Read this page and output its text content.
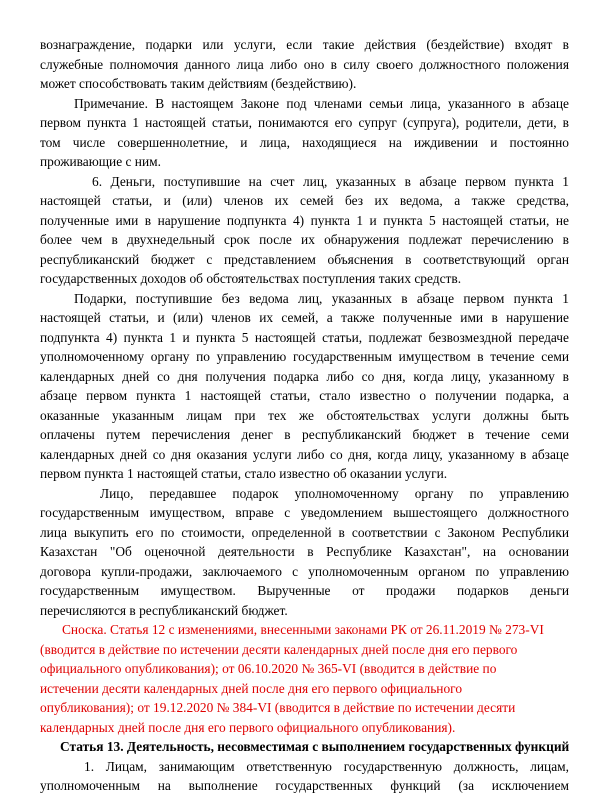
вознаграждение, подарки или услуги, если такие действия (бездействие) входят в
служебные полномочия данного лица либо оно в силу своего должностного положения
может способствовать таким действиям (бездействию).
Примечание. В настоящем Законе под членами семьи лица, указанного в абзаце
первом пункта 1 настоящей статьи, понимаются его супруг (супруга), родители, дети, в
том числе совершеннолетние, и лица, находящиеся на иждивении и постоянно
проживающие с ним.
6. Деньги, поступившие на счет лиц, указанных в абзаце первом пункта 1
настоящей статьи, и (или) членов их семей без их ведома, а также средства,
полученные ими в нарушение подпункта 4) пункта 1 и пункта 5 настоящей статьи, не
более чем в двухнедельный срок после их обнаружения подлежат перечислению в
республиканский бюджет с представлением объяснения в соответствующий орган
государственных доходов об обстоятельствах поступления таких средств.
Подарки, поступившие без ведома лиц, указанных в абзаце первом пункта 1
настоящей статьи, и (или) членов их семей, а также полученные ими в нарушение
подпункта 4) пункта 1 и пункта 5 настоящей статьи, подлежат безвозмездной передаче
уполномоченному органу по управлению государственным имуществом в течение семи
календарных дней со дня получения подарка либо со дня, когда лицу, указанному в
абзаце первом пункта 1 настоящей статьи, стало известно о получении подарка, а
оказанные указанным лицам при тех же обстоятельствах услуги должны быть
оплачены путем перечисления денег в республиканский бюджет в течение семи
календарных дней со дня оказания услуги либо со дня, когда лицу, указанному в абзаце
первом пункта 1 настоящей статьи, стало известно об оказании услуги.
Лицо, передавшее подарок уполномоченному органу по управлению
государственным имуществом, вправе с уведомлением вышестоящего должностного
лица выкупить его по стоимости, определенной в соответствии с Законом Республики
Казахстан "Об оценочной деятельности в Республике Казахстан", на основании
договора купли-продажи, заключаемого с уполномоченным органом по управлению
государственным имуществом. Вырученные от продажи подарков деньги
перечисляются в республиканский бюджет.
Сноска. Статья 12 с изменениями, внесенными законами РК от 26.11.2019 № 273-VI
(вводится в действие по истечении десяти календарных дней после дня его первого
официального опубликования); от 06.10.2020 № 365-VI (вводится в действие по
истечении десяти календарных дней после дня его первого официального
опубликования); от 19.12.2020 № 384-VI (вводится в действие по истечении десяти
календарных дней после дня его первого официального опубликования).
Статья 13. Деятельность, несовместимая с выполнением государственных функций
1. Лицам, занимающим ответственную государственную должность, лицам,
уполномоченным на выполнение государственных функций (за исключением
